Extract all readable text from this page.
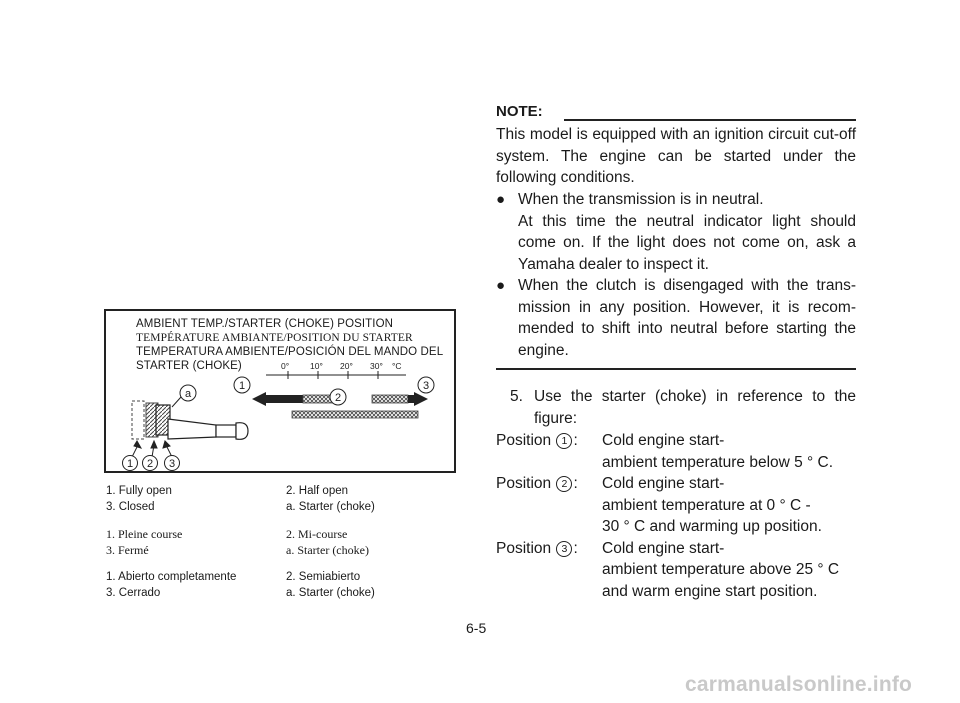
AMBIENT TEMP./STARTER (CHOKE) POSITION
TEMPÉRATURE AMBIANTE/POSITION DU STARTER
TEMPERATURA AMBIENTE/POSICIÓN DEL MANDO DEL
STARTER (CHOKE)	0° 10° 20° 30° °C
1
2
3
a
1 2 3
1. Fully open	2. Half open
3. Closed	a. Starter (choke)
1. Pleine course	2. Mi-course
3. Fermé	a. Starter (choke)
1. Abierto completamente	2. Semiabierto
3. Cerrado	a. Starter (choke)
NOTE:
This model is equipped with an ignition circuit cut-off system. The engine can be started under the following conditions.
● When the transmission is in neutral.
At this time the neutral indicator light should come on. If the light does not come on, ask a Yamaha dealer to inspect it.
● When the clutch is disengaged with the trans-mission in any position. However, it is recom-mended to shift into neutral before starting the engine.
5. Use the starter (choke) in reference to the figure:
Position 1 : Cold engine start-
ambient temperature below 5 ° C.
Position 2 : Cold engine start-
ambient temperature at 0 ° C -
30 ° C and warming up position.
Position 3 : Cold engine start-
ambient temperature above 25 ° C
and warm engine start position.
6-5
carmanualsonline.info
